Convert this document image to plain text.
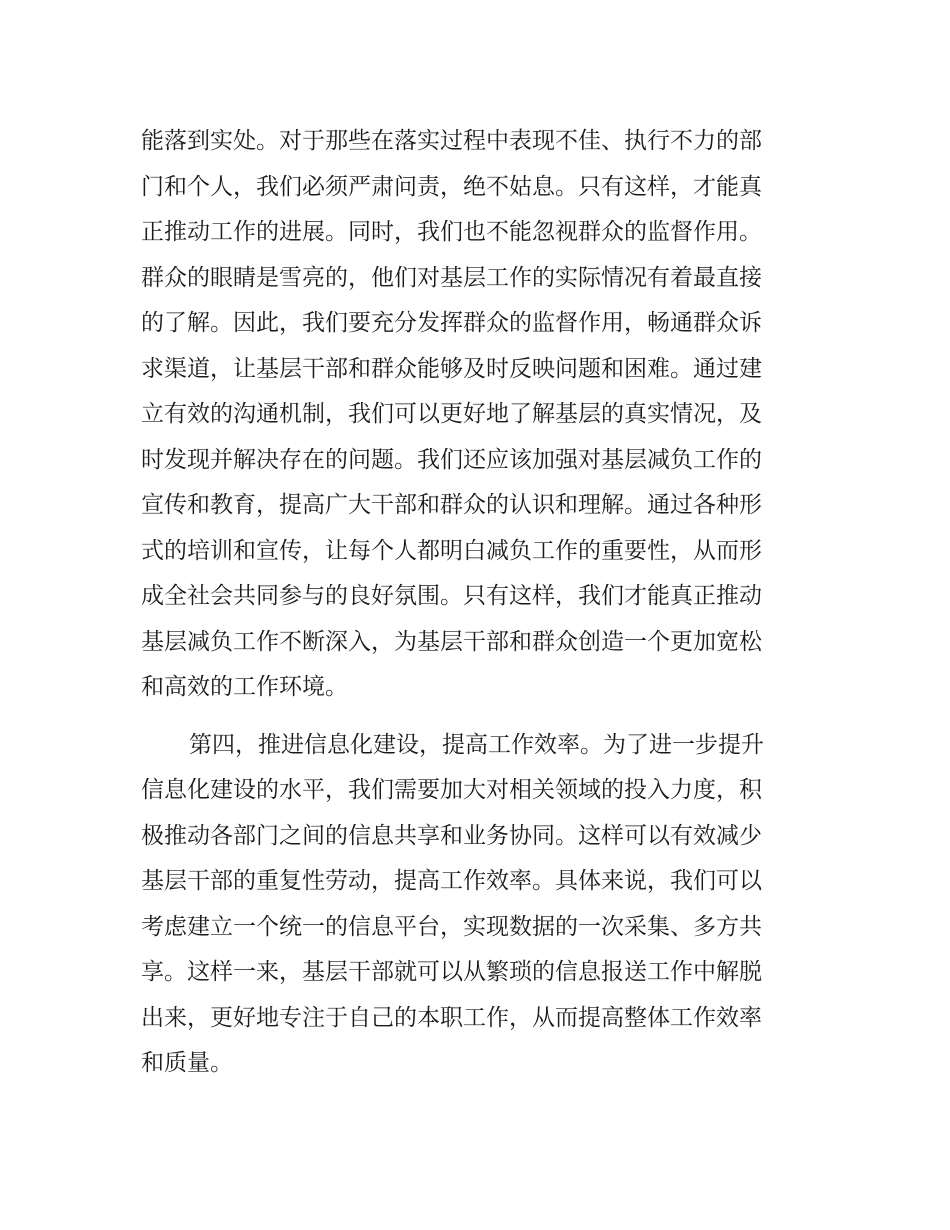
能落到实处。对于那些在落实过程中表现不佳、执行不力的部
门和个人，我们必须严肃问责，绝不姑息。只有这样，才能真
正推动工作的进展。同时，我们也不能忽视群众的监督作用。
群众的眼睛是雪亮的，他们对基层工作的实际情况有着最直接
的了解。因此，我们要充分发挥群众的监督作用，畅通群众诉
求渠道，让基层干部和群众能够及时反映问题和困难。通过建
立有效的沟通机制，我们可以更好地了解基层的真实情况，及
时发现并解决存在的问题。我们还应该加强对基层减负工作的
宣传和教育，提高广大干部和群众的认识和理解。通过各种形
式的培训和宣传，让每个人都明白减负工作的重要性，从而形
成全社会共同参与的良好氛围。只有这样，我们才能真正推动
基层减负工作不断深入，为基层干部和群众创造一个更加宽松
和高效的工作环境。
第四，推进信息化建设，提高工作效率。为了进一步提升
信息化建设的水平，我们需要加大对相关领域的投入力度，积
极推动各部门之间的信息共享和业务协同。这样可以有效减少
基层干部的重复性劳动，提高工作效率。具体来说，我们可以
考虑建立一个统一的信息平台，实现数据的一次采集、多方共
享。这样一来，基层干部就可以从繁琐的信息报送工作中解脱
出来，更好地专注于自己的本职工作，从而提高整体工作效率
和质量。
